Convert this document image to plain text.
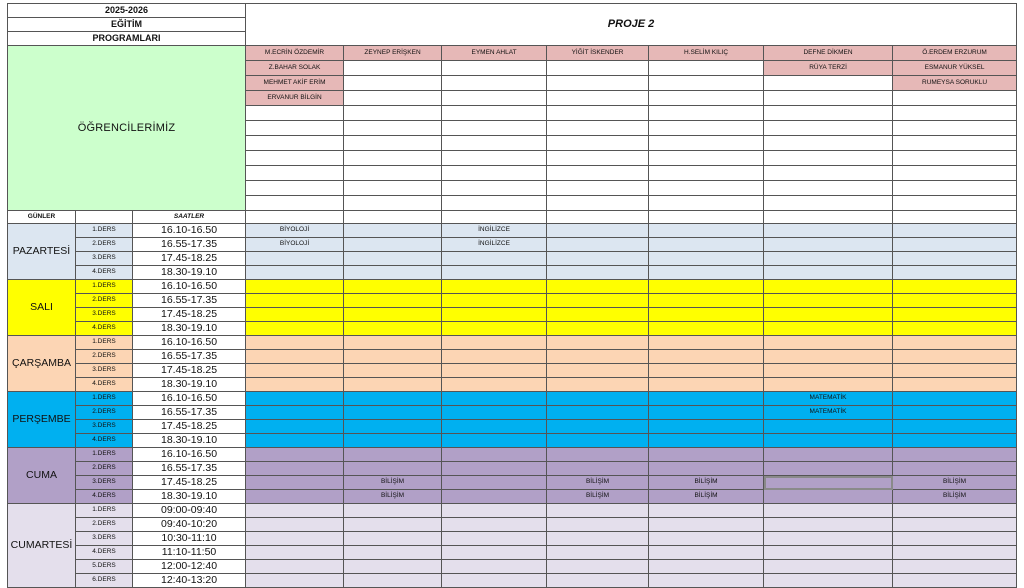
2025-2026			PROJE 2						
EĞİTİM									
PROGRAMLARI									
ÖĞRENCİLERİMİZ			M.ECRİN ÖZDEMİR	ZEYNEP ERİŞKEN	EYMEN AHLAT	YİĞİT İSKENDER	H.SELİM KILIÇ	DEFNE DİKMEN	Ö.ERDEM ERZURUM
			Z.BAHAR SOLAK					RÜYA TERZİ	ESMANUR YÜKSEL
			MEHMET AKİF ERİM						RUMEYSA SORUKLU
			ERVANUR BİLGİN						

GÜNLER		SAATLER							
PAZARTESİ	1.DERS	16.10-16.50	BİYOLOJİ		İNGİLİZCE				
	2.DERS	16.55-17.35	BİYOLOJİ		İNGİLİZCE				
	3.DERS	17.45-18.25							
	4.DERS	18.30-19.10							
SALI	1.DERS	16.10-16.50							
	2.DERS	16.55-17.35							
	3.DERS	17.45-18.25							
	4.DERS	18.30-19.10							
ÇARŞAMBA	1.DERS	16.10-16.50							
	2.DERS	16.55-17.35							
	3.DERS	17.45-18.25							
	4.DERS	18.30-19.10							
PERŞEMBE	1.DERS	16.10-16.50						MATEMATİK	
	2.DERS	16.55-17.35						MATEMATİK	
	3.DERS	17.45-18.25							
	4.DERS	18.30-19.10							
CUMA	1.DERS	16.10-16.50							
	2.DERS	16.55-17.35							
	3.DERS	17.45-18.25		BİLİŞİM		BİLİŞİM	BİLİŞİM		BİLİŞİM
	4.DERS	18.30-19.10		BİLİŞİM		BİLİŞİM	BİLİŞİM		BİLİŞİM
CUMARTESİ	1.DERS	09:00-09:40							
	2.DERS	09:40-10:20							
	3.DERS	10:30-11:10							
	4.DERS	11:10-11:50							
	5.DERS	12:00-12:40							
	6.DERS	12:40-13:20							
